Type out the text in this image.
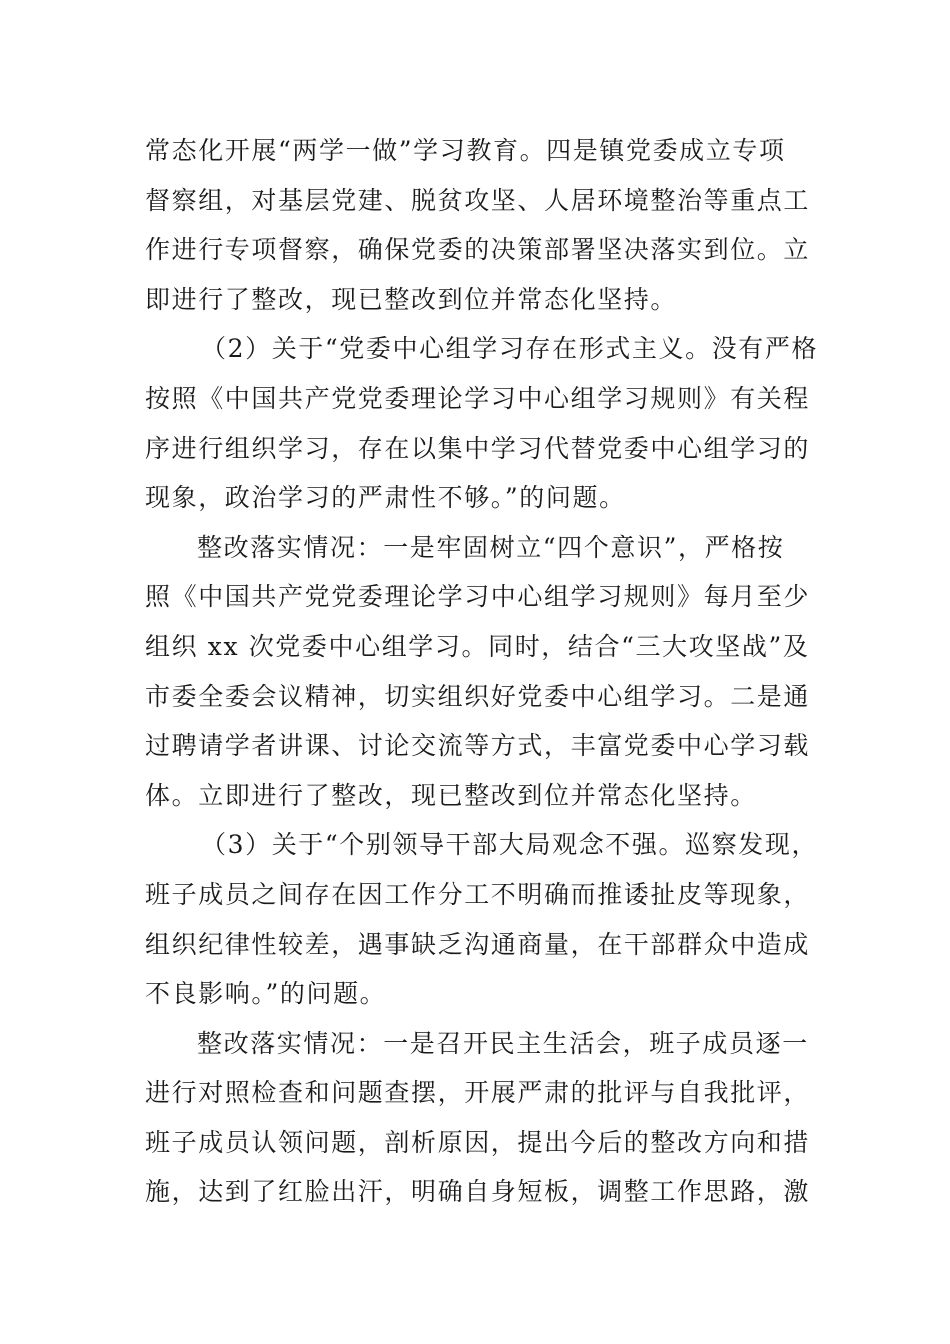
常态化开展“两学一做”学习教育。四是镇党委成立专项
督察组，对基层党建、脱贫攻坚、人居环境整治等重点工
作进行专项督察，确保党委的决策部署坚决落实到位。立
即进行了整改，现已整改到位并常态化坚持。
（2）关于“党委中心组学习存在形式主义。没有严格
按照《中国共产党党委理论学习中心组学习规则》有关程
序进行组织学习，存在以集中学习代替党委中心组学习的
现象，政治学习的严肃性不够。”的问题。
整改落实情况：一是牢固树立“四个意识”，严格按
照《中国共产党党委理论学习中心组学习规则》每月至少
组织 xx 次党委中心组学习。同时，结合“三大攻坚战”及
市委全委会议精神，切实组织好党委中心组学习。二是通
过聘请学者讲课、讨论交流等方式，丰富党委中心学习载
体。立即进行了整改，现已整改到位并常态化坚持。
（3）关于“个别领导干部大局观念不强。巡察发现，
班子成员之间存在因工作分工不明确而推诿扯皮等现象，
组织纪律性较差，遇事缺乏沟通商量，在干部群众中造成
不良影响。”的问题。
整改落实情况：一是召开民主生活会，班子成员逐一
进行对照检查和问题查摆，开展严肃的批评与自我批评，
班子成员认领问题，剖析原因，提出今后的整改方向和措
施，达到了红脸出汗，明确自身短板，调整工作思路，激
